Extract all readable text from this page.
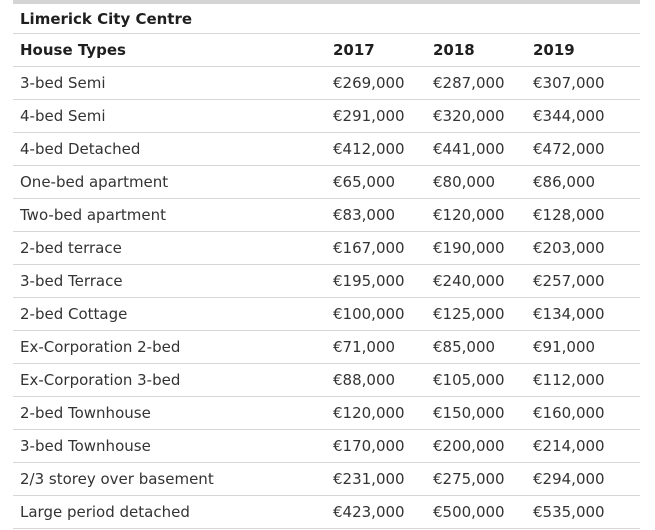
Limerick City Centre
House Types	2017	2018	2019
3-bed Semi	€269,000	€287,000	€307,000
4-bed Semi	€291,000	€320,000	€344,000
4-bed Detached	€412,000	€441,000	€472,000
One-bed apartment	€65,000	€80,000	€86,000
Two-bed apartment	€83,000	€120,000	€128,000
2-bed terrace	€167,000	€190,000	€203,000
3-bed Terrace	€195,000	€240,000	€257,000
2-bed Cottage	€100,000	€125,000	€134,000
Ex-Corporation 2-bed	€71,000	€85,000	€91,000
Ex-Corporation 3-bed	€88,000	€105,000	€112,000
2-bed Townhouse	€120,000	€150,000	€160,000
3-bed Townhouse	€170,000	€200,000	€214,000
2/3 storey over basement	€231,000	€275,000	€294,000
Large period detached	€423,000	€500,000	€535,000
